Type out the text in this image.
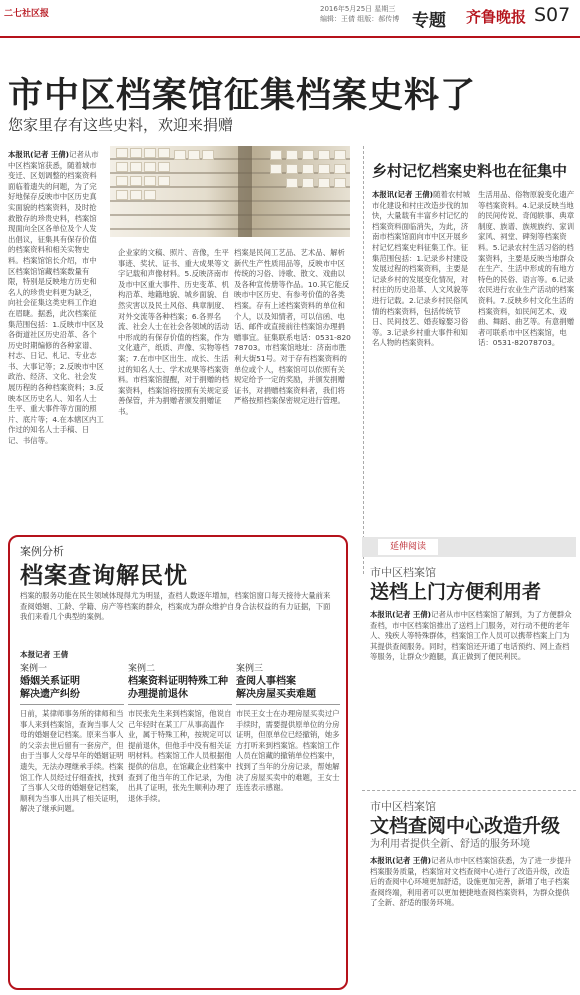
二七社区报	2016年5月25日 星期三
编辑：王倩 组版：郝传博 专题 齐鲁晚报 S07
市中区档案馆征集档案史料了
您家里存有这些史料，欢迎来捐赠
本报讯(记者 王倩)记者从市中区档案馆获悉，随着城市变迁、区划调整的档案资料面临着遗失的问题，为了完好地保存反映市中区历史真实面貌的档案资料，及时抢救散存的珍贵史料，档案馆现面向全区各单位及个人发出倡议，征集具有保存价值的档案资料和相关实物史料。档案馆馆长介绍，市中区档案馆馆藏档案数量有限，特别是反映地方历史和名人的珍贵史料更为缺乏，向社会征集这类史料工作迫在眉睫。据悉，此次档案征集范围包括：1.反映市中区及各街道社区历史沿革、各个历史时期编修的各种家谱、村志、日记、札记、专业志书、大事记等；2.反映市中区政治、经济、文化、社会发展历程的各种档案资料；3.反映本区历史名人、知名人士生平、重大事件等方面的照片、底片等；4.在本辖区内工作过的知名人士手稿、日记、书信等。
企业家的文稿、照片、音像，生平事迹、奖状、证书、重大成果等文字记载和声像材料。5.反映济南市及市中区重大事件、历史变革、机构沿革、地籍地貌、城乡面貌、自然灾害以及民土风俗、典章制度、对外交流等各种档案；6.各界名流、社会人士在社会各领域的活动中形成的有保存价值的档案，作为文化遗产，纸质、声像、实物等档案；7.在市中区出生、成长、生活过的知名人士、学术成果等档案资料。市档案馆提醒，对于捐赠的档案资料，档案馆将按照有关规定妥善保管，并为捐赠者颁发捐赠证书。
档案是民间工艺品、艺术品、解析新代生产性质用品等，反映市中区传统的习俗、诗歌、散文、戏曲以及各种宣传册等作品。10.其它能反映市中区历史、有参考价值的各类档案。存有上述档案资料的单位和个人，以及知情者，可以信函、电话、邮件或直接前往档案馆办理捐赠事宜。征集联系电话：0531-82078703。市档案馆地址：济南市胜利大街51号。对于存有档案资料的单位或个人，档案馆可以依照有关规定给予一定的奖励，并颁发捐赠证书，对捐赠档案资料者，我们将严格按照档案保密规定进行管理。
乡村记忆档案史料也在征集中
本报讯(记者 王倩)随着农村城市化建设和村庄改造步伐的加快，大量载有丰富乡村记忆的档案资料面临消失，为此，济南市档案馆面向市中区开展乡村记忆档案史料征集工作。征集范围包括：1.记录乡村建设发展过程的档案资料，主要是记录乡村的发展变化情况，对村庄的历史沿革、人文风貌等进行记载。2.记录乡村民俗风情的档案资料，包括传统节日、民间技艺、婚丧嫁娶习俗等。3.记录乡村重大事件和知名人物的档案资料。
生活用品、俗物原貌变化遗产等档案资料。4.记录反映当地的民间传说、奇闻轶事、典章制度、族谱、族规族约、家训家风、祠堂、碑刻等档案资料。5.记录农村生活习俗的档案资料，主要是反映当地群众在生产、生活中形成的有地方特色的民俗、语言等。6.记录农民进行农业生产活动的档案资料。7.反映乡村文化生活的档案资料，如民间艺术、戏曲、舞蹈、曲艺等。有意捐赠者可联系市中区档案馆，电话：0531-82078703。
案例分析
档案查询解民忧
档案的服务功能在民生领域体现得尤为明显，查档人数逐年增加，档案馆窗口每天接待大量前来查阅婚姻、工龄、学籍、房产等档案的群众，档案成为群众维护自身合法权益的有力证据，下面我们来看几个典型的案例。
本报记者 王倩
案例一
婚姻关系证明
解决遗产纠纷
日前，某律师事务所的律师和当事人来到档案馆，查询当事人父母的婚姻登记档案。原来当事人的父亲去世后留有一套房产，但由于当事人父母早年的婚姻证明遗失，无法办理继承手续。档案馆工作人员经过仔细查找，找到了当事人父母的婚姻登记档案，顺利为当事人出具了相关证明，解决了继承问题。
案例二
档案资料证明特殊工种
办理提前退休
市民张先生来到档案馆，他说自己年轻时在某工厂从事高温作业，属于特殊工种，按规定可以提前退休，但他手中没有相关证明材料。档案馆工作人员根据他提供的信息，在馆藏企业档案中查到了他当年的工作记录，为他出具了证明，张先生顺利办理了退休手续。
案例三
查阅人事档案
解决房屋买卖难题
市民王女士在办理房屋买卖过户手续时，需要提供原单位的分房证明，但原单位已经撤销，她多方打听来到档案馆。档案馆工作人员在馆藏的撤销单位档案中，找到了当年的分房记录，帮她解决了房屋买卖中的难题，王女士连连表示感谢。
延伸阅读
市中区档案馆
送档上门方便利用者
本报讯(记者 王倩)记者从市中区档案馆了解到，为了方便群众查档，市中区档案馆推出了送档上门服务，对行动不便的老年人、残疾人等特殊群体，档案馆工作人员可以携带档案上门为其提供查阅服务。同时，档案馆还开通了电话预约、网上查档等服务，让群众少跑腿，真正做到了便民利民。
市中区档案馆
文档查阅中心改造升级
为利用者提供全新、舒适的服务环境
本报讯(记者 王倩)记者从市中区档案馆获悉，为了进一步提升档案服务质量，档案馆对文档查阅中心进行了改造升级，改造后的查阅中心环境更加舒适，设施更加完善，新增了电子档案查阅终端，利用者可以更加便捷地查阅档案资料，为群众提供了全新、舒适的服务环境。
